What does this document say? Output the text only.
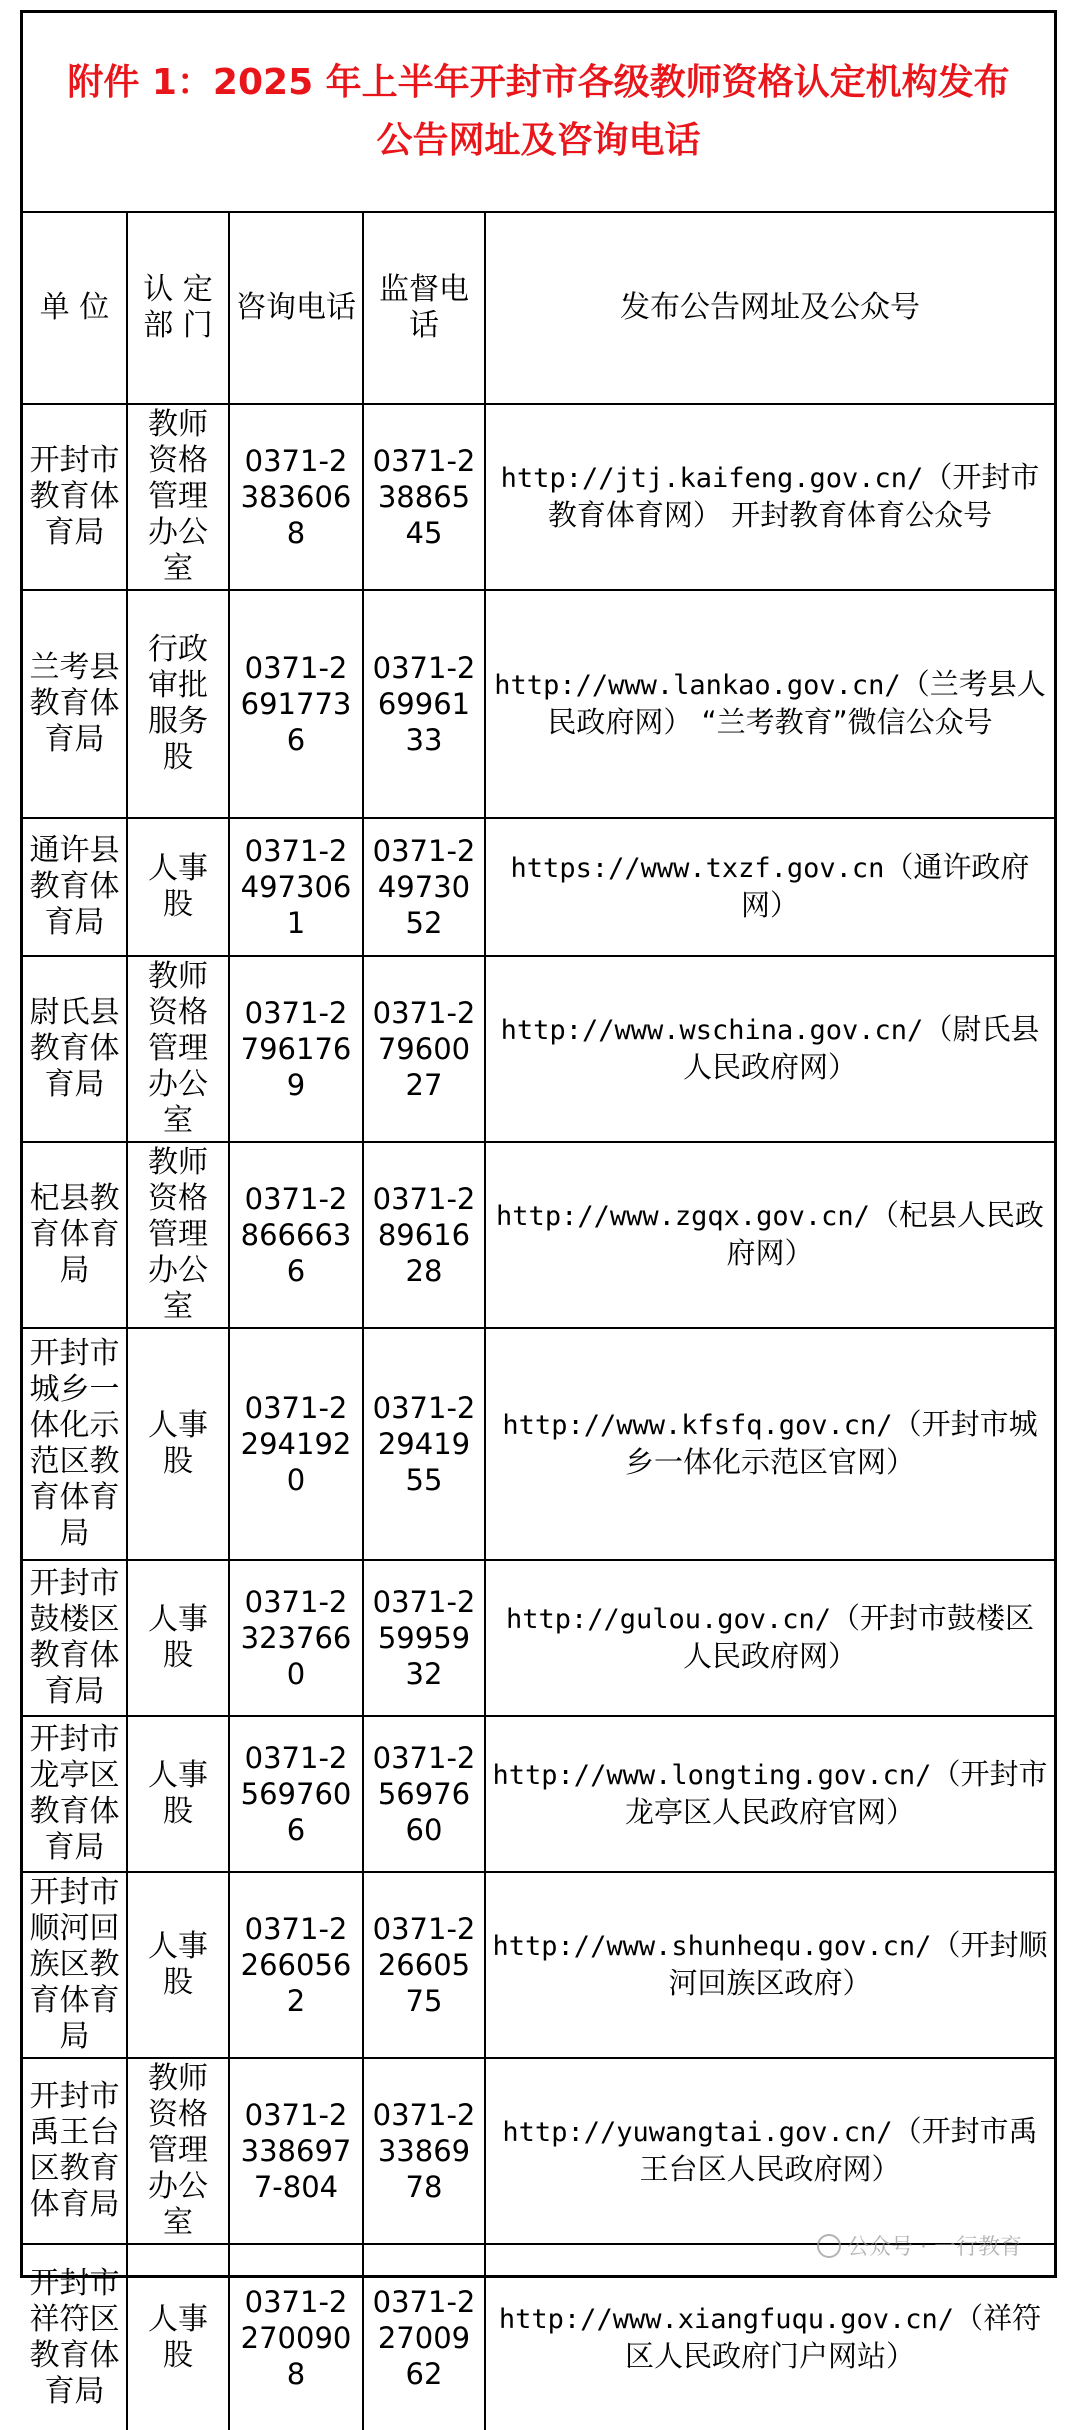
附件 1：2025 年上半年开封市各级教师资格认定机构发布
公告网址及咨询电话
单 位	认 定 部 门	咨询电话	监督电话	发布公告网址及公众号
开封市教育体育局	教师资格管理办公室	0371-23836068	0371-23886545	http://jtj.kaifeng.gov.cn/（开封市教育体育网） 开封教育体育公众号
兰考县教育体育局	行政审批服务股	0371-26917736	0371-26996133	http://www.lankao.gov.cn/（兰考县人民政府网） “兰考教育”微信公众号
通许县教育体育局	人事股	0371-24973061	0371-24973052	https://www.txzf.gov.cn（通许政府网）
尉氏县教育体育局	教师资格管理办公室	0371-27961769	0371-27960027	http://www.wschina.gov.cn/（尉氏县人民政府网）
杞县教育体育局	教师资格管理办公室	0371-28666636	0371-28961628	http://www.zgqx.gov.cn/（杞县人民政府网）
开封市城乡一体化示范区教育体育局	人事股	0371-22941920	0371-22941955	http://www.kfsfq.gov.cn/（开封市城乡一体化示范区官网）
开封市鼓楼区教育体育局	人事股	0371-23237660	0371-25995932	http://gulou.gov.cn/（开封市鼓楼区人民政府网）
开封市龙亭区教育体育局	人事股	0371-25697606	0371-25697660	http://www.longting.gov.cn/（开封市龙亭区人民政府官网）
开封市顺河回族区教育体育局	人事股	0371-22660562	0371-22660575	http://www.shunhequ.gov.cn/（开封顺河回族区政府）
开封市禹王台区教育体育局	教师资格管理办公室	0371-23386977-804	0371-23386978	http://yuwangtai.gov.cn/（开封市禹王台区人民政府网）
开封市祥符区教育体育局	人事股	0371-22700908	0371-22700962	http://www.xiangfuqu.gov.cn/（祥符区人民政府门户网站）
公众号 · 一行教育
